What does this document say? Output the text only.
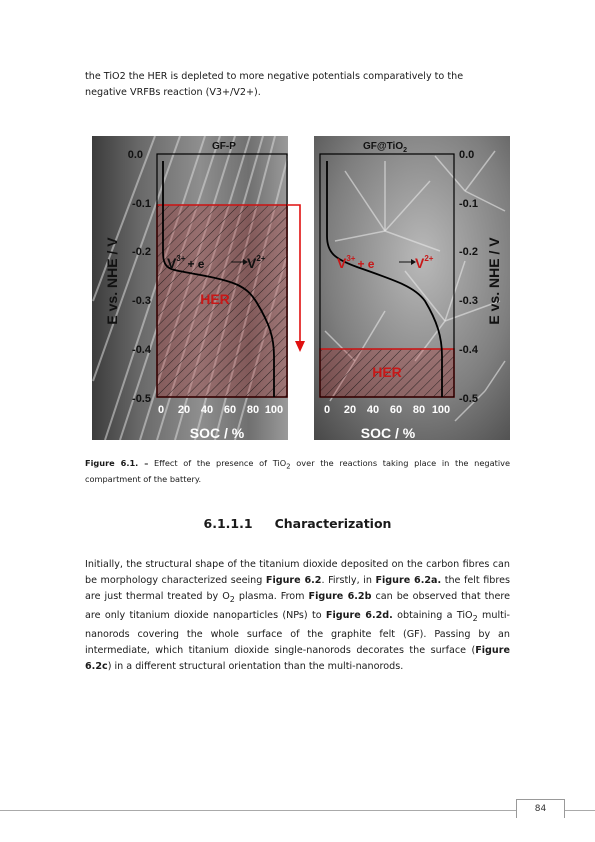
the TiO2 the HER is depleted to more negative potentials comparatively to the
negative VRFBs reaction (V3+/V2+).

GF-P
0.0
-0.1
-0.2
-0.3
-0.4
-0.5
0 20 40 60 80 100
SOC / %
E vs. NHE / V	$V^{3+} + e$	$V^{2+}$
HER
GF@TiO$_2$	0.0
-0.1
-0.2
-0.3
-0.4
-0.5
0 20 40 60 80 100
SOC / %
E vs. NHE / V
$V^{3+} + e$	$V^{2+}$
HER

Figure 6.1. – Effect of the presence of TiO$_2$ over the reactions taking place in the negative compartment of the battery.

6.1.1.1 Characterization

Initially, the structural shape of the titanium dioxide deposited on the carbon fibres can be morphology characterized seeing Figure 6.2. Firstly, in Figure 6.2a. the felt fibres are just thermal treated by $O_2$ plasma. From Figure 6.2b can be observed that there are only titanium dioxide nanoparticles (NPs) to Figure 6.2d. obtaining a TiO$_2$ multi-nanorods covering the whole surface of the graphite felt (GF). Passing by an intermediate, which titanium dioxide single-nanorods decorates the surface (Figure 6.2c) in a different structural orientation than the multi-nanorods.

84
